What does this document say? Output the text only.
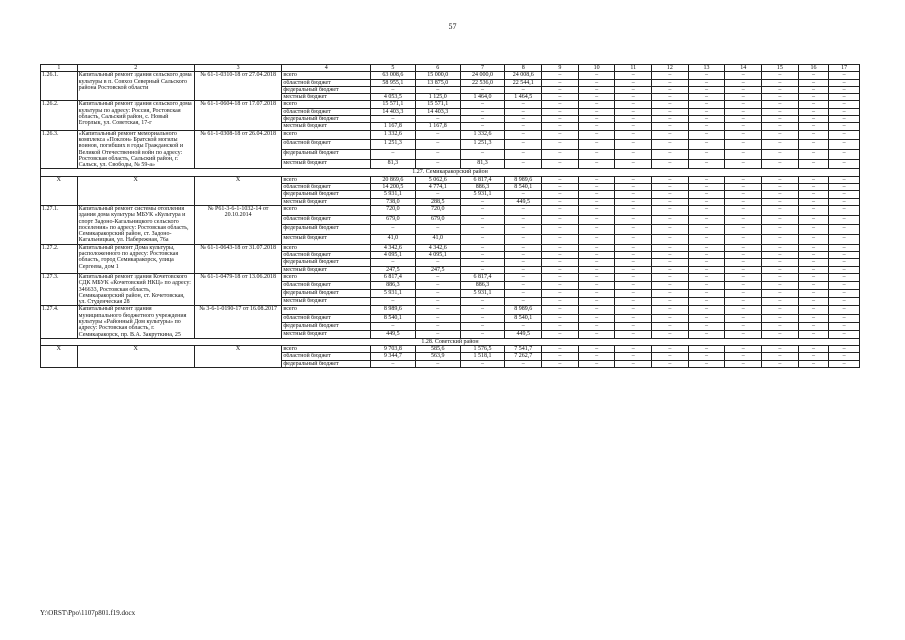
57
1	2	3	4	5	6	7	8	9	10	11	12	13	14	15	16	17
1.26.1.	Капитальный ремонт здания сельского дома культуры в п. Совхоз Северный Сальского района Ростовской области	№ 61-1-0310-18 от 27.04.2018	всего	63 008,6	15 000,0	24 000,0	24 008,6	–	–	–	–	–	–	–	–	–
			областной бюджет	58 955,1	13 875,0	22 536,0	22 544,1	–	–	–	–	–	–	–	–	–
			федеральный бюджет	–	–	–	–	–	–	–	–	–	–	–	–	–
			местный бюджет	4 053,5	1 125,0	1 464,0	1 464,5	–	–	–	–	–	–	–	–	–
1.26.2.	Капитальный ремонт здания сельского дома культуры по адресу: Россия, Ростовская область, Сальский район, с. Новый Егорлык, ул. Советская, 17-г	№ 61-1-0604-18 от 17.07.2018	всего	15 571,1	15 571,1	–	–	–	–	–	–	–	–	–	–	–
			областной бюджет	14 403,3	14 403,3	–	–	–	–	–	–	–	–	–	–	–
			федеральный бюджет	–	–	–	–	–	–	–	–	–	–	–	–	–
			местный бюджет	1 167,8	1 167,8	–	–	–	–	–	–	–	–	–	–	–
1.26.3.	«Капитальный ремонт мемориального комплекса «Поклон» Братской могилы воинов, погибших в годы Гражданской и Великой Отечественной войн по адресу: Ростовская область, Сальский район, г. Сальск, ул. Свободы, № 59-а»	№ 61-1-0308-18 от 26.04.2018	всего	1 332,6	–	1 332,6	–	–	–	–	–	–	–	–	–	–
			областной бюджет	1 251,3	–	1 251,3	–	–	–	–	–	–	–	–	–	–
			федеральный бюджет	–	–	–	–	–	–	–	–	–	–	–	–	–
			местный бюджет	81,3	–	81,3	–	–	–	–	–	–	–	–	–	–
1.27. Семикаракорский район																
Х	Х	Х	всего	20 869,6	5 062,6	6 817,4	8 989,6	–	–	–	–	–	–	–	–	–
			областной бюджет	14 200,5	4 774,1	886,3	8 540,1	–	–	–	–	–	–	–	–	–
			федеральный бюджет	5 931,1	–	5 931,1	–	–	–	–	–	–	–	–	–	–
			местный бюджет	738,0	288,5	–	449,5	–	–	–	–	–	–	–	–	–
1.27.1.	Капитальный ремонт системы отопления здания дома культуры МБУК «Культура и спорт Задоно-Кагальницкого сельского поселения» по адресу: Ростовская область, Семикаракорский район, ст. Задоно-Кагальницкая, ул. Набережная, 76а	№ Р61-3-6-1-1032-14 от 20.10.2014	всего	720,0	720,0	–	–	–	–	–	–	–	–	–	–	–
			областной бюджет	679,0	679,0	–	–	–	–	–	–	–	–	–	–	–
			федеральный бюджет	–	–	–	–	–	–	–	–	–	–	–	–	–
			местный бюджет	41,0	41,0	–	–	–	–	–	–	–	–	–	–	–
1.27.2.	Капитальный ремонт Дома культуры, расположенного по адресу: Ростовская область, город Семикаракорск, улица Сергеева, дом 1	№ 61-1-0643-18 от 31.07.2018	всего	4 342,6	4 342,6	–	–	–	–	–	–	–	–	–	–	–
			областной бюджет	4 095,1	4 095,1	–	–	–	–	–	–	–	–	–	–	–
			федеральный бюджет	–	–	–	–	–	–	–	–	–	–	–	–	–
			местный бюджет	247,5	247,5	–	–	–	–	–	–	–	–	–	–	–
1.27.3.	Капитальный ремонт здания Кочетовского СДК МБУК «Кочетовский НКЦ» по адресу: 346633, Ростовская область, Семикаракорский район, ст. Кочетовская, ул. Студенческая 28	№ 61-1-0479-18 от 13.06.2018	всего	6 817,4	–	6 817,4	–	–	–	–	–	–	–	–	–	–
			областной бюджет	886,3	–	886,3	–	–	–	–	–	–	–	–	–	–
			федеральный бюджет	5 931,1	–	5 931,1	–	–	–	–	–	–	–	–	–	–
			местный бюджет	–	–	–	–	–	–	–	–	–	–	–	–	–
1.27.4.	Капитальный ремонт здания муниципального бюджетного учреждения культуры «Районный Дом культуры» по адресу: Ростовская область, г. Семикаракорск, пр. В.А. Закруткина, 25	№ 3-6-1-0190-17 от 16.08.2017	всего	8 989,6	–	–	8 989,6	–	–	–	–	–	–	–	–	–
			областной бюджет	8 540,1	–	–	8 540,1	–	–	–	–	–	–	–	–	–
			федеральный бюджет	–	–	–	–	–	–	–	–	–	–	–	–	–
			местный бюджет	449,5	–	–	449,5	–	–	–	–	–	–	–	–	–
1.28. Советский район																
Х	Х	Х	всего	9 703,8	585,6	1 576,5	7 541,7	–	–	–	–	–	–	–	–	–
			областной бюджет	9 344,7	563,9	1 518,1	7 262,7	–	–	–	–	–	–	–	–	–
			федеральный бюджет	–	–	–	–	–	–	–	–	–	–	–	–	–
Y:\ORST\Ppo\1107p801.f19.docx
